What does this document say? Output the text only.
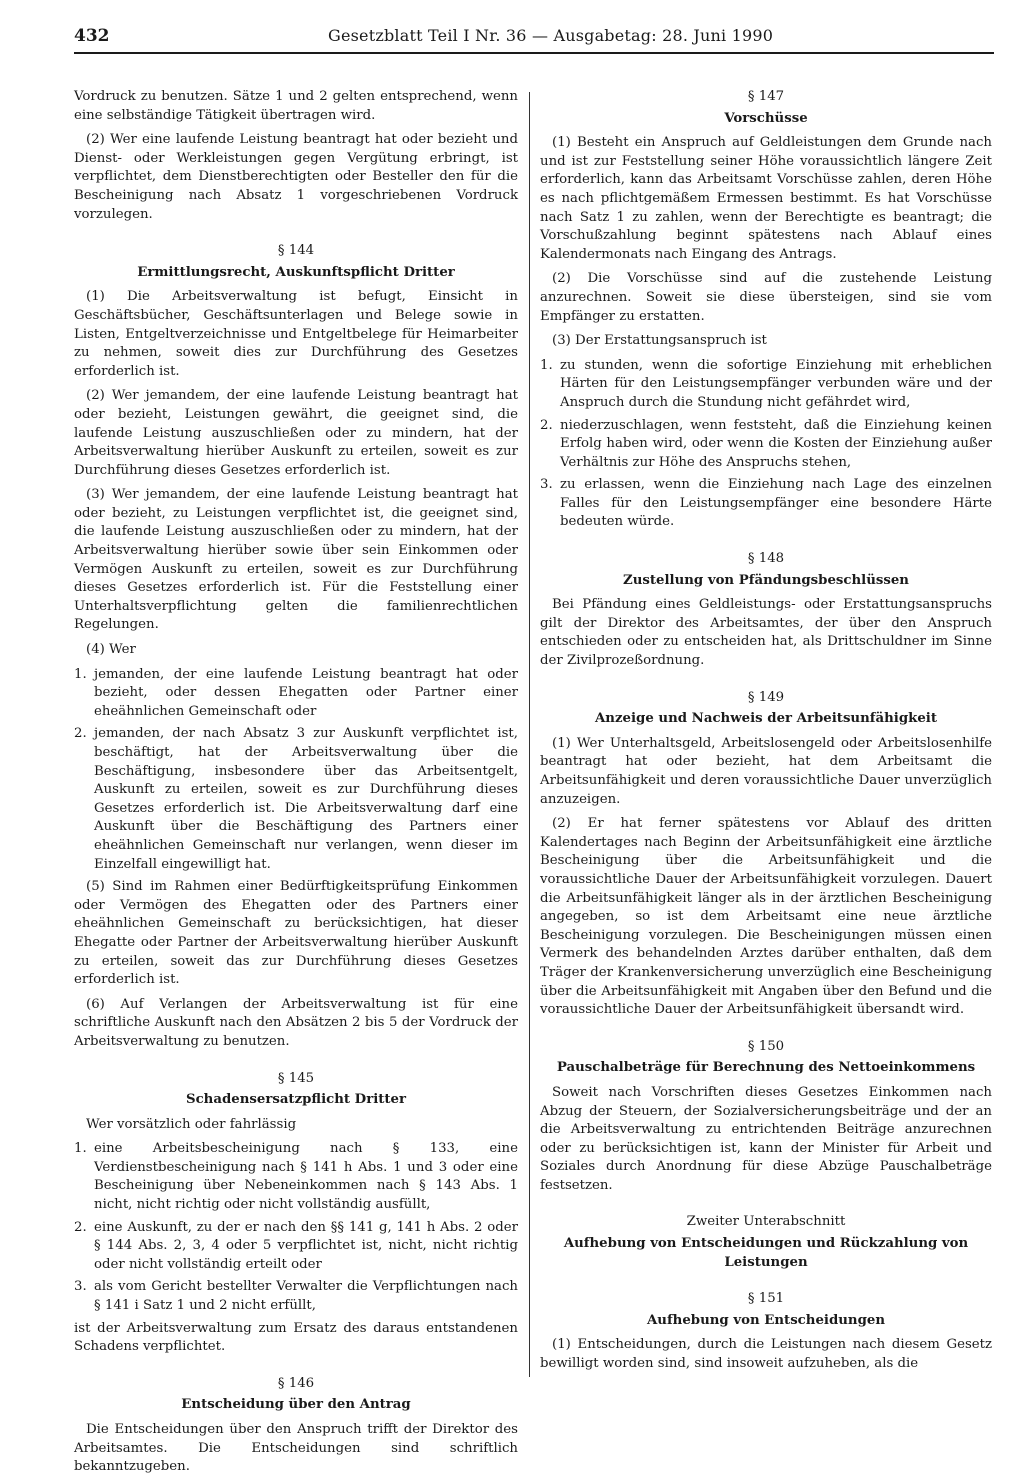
432	Gesetzblatt Teil I Nr. 36 — Ausgabetag: 28. Juni 1990

Vordruck zu benutzen. Sätze 1 und 2 gelten entsprechend, wenn eine selbständige Tätigkeit übertragen wird.

(2) Wer eine laufende Leistung beantragt hat oder bezieht und Dienst- oder Werkleistungen gegen Vergütung erbringt, ist verpflichtet, dem Dienstberechtigten oder Besteller den für die Bescheinigung nach Absatz 1 vorgeschriebenen Vordruck vorzulegen.

§ 144
Ermittlungsrecht, Auskunftspflicht Dritter

(1) Die Arbeitsverwaltung ist befugt, Einsicht in Geschäftsbücher, Geschäftsunterlagen und Belege sowie in Listen, Entgeltverzeichnisse und Entgeltbelege für Heimarbeiter zu nehmen, soweit dies zur Durchführung des Gesetzes erforderlich ist.

(2) Wer jemandem, der eine laufende Leistung beantragt hat oder bezieht, Leistungen gewährt, die geeignet sind, die laufende Leistung auszuschließen oder zu mindern, hat der Arbeitsverwaltung hierüber Auskunft zu erteilen, soweit es zur Durchführung dieses Gesetzes erforderlich ist.

(3) Wer jemandem, der eine laufende Leistung beantragt hat oder bezieht, zu Leistungen verpflichtet ist, die geeignet sind, die laufende Leistung auszuschließen oder zu mindern, hat der Arbeitsverwaltung hierüber sowie über sein Einkommen oder Vermögen Auskunft zu erteilen, soweit es zur Durchführung dieses Gesetzes erforderlich ist. Für die Feststellung einer Unterhaltsverpflichtung gelten die familienrechtlichen Regelungen.

(4) Wer

1. jemanden, der eine laufende Leistung beantragt hat oder bezieht, oder dessen Ehegatten oder Partner einer eheähnlichen Gemeinschaft oder
2. jemanden, der nach Absatz 3 zur Auskunft verpflichtet ist, beschäftigt, hat der Arbeitsverwaltung über die Beschäftigung, insbesondere über das Arbeitsentgelt, Auskunft zu erteilen, soweit es zur Durchführung dieses Gesetzes erforderlich ist. Die Arbeitsverwaltung darf eine Auskunft über die Beschäftigung des Partners einer eheähnlichen Gemeinschaft nur verlangen, wenn dieser im Einzelfall eingewilligt hat.

(5) Sind im Rahmen einer Bedürftigkeitsprüfung Einkommen oder Vermögen des Ehegatten oder des Partners einer eheähnlichen Gemeinschaft zu berücksichtigen, hat dieser Ehegatte oder Partner der Arbeitsverwaltung hierüber Auskunft zu erteilen, soweit das zur Durchführung dieses Gesetzes erforderlich ist.

(6) Auf Verlangen der Arbeitsverwaltung ist für eine schriftliche Auskunft nach den Absätzen 2 bis 5 der Vordruck der Arbeitsverwaltung zu benutzen.

§ 145
Schadensersatzpflicht Dritter

Wer vorsätzlich oder fahrlässig

1. eine Arbeitsbescheinigung nach § 133, eine Verdienstbescheinigung nach § 141 h Abs. 1 und 3 oder eine Bescheinigung über Nebeneinkommen nach § 143 Abs. 1 nicht, nicht richtig oder nicht vollständig ausfüllt,
2. eine Auskunft, zu der er nach den §§ 141 g, 141 h Abs. 2 oder § 144 Abs. 2, 3, 4 oder 5 verpflichtet ist, nicht, nicht richtig oder nicht vollständig erteilt oder
3. als vom Gericht bestellter Verwalter die Verpflichtungen nach § 141 i Satz 1 und 2 nicht erfüllt,

ist der Arbeitsverwaltung zum Ersatz des daraus entstandenen Schadens verpflichtet.

§ 146
Entscheidung über den Antrag

Die Entscheidungen über den Anspruch trifft der Direktor des Arbeitsamtes. Die Entscheidungen sind schriftlich bekanntzugeben.

§ 147
Vorschüsse

(1) Besteht ein Anspruch auf Geldleistungen dem Grunde nach und ist zur Feststellung seiner Höhe voraussichtlich längere Zeit erforderlich, kann das Arbeitsamt Vorschüsse zahlen, deren Höhe es nach pflichtgemäßem Ermessen bestimmt. Es hat Vorschüsse nach Satz 1 zu zahlen, wenn der Berechtigte es beantragt; die Vorschußzahlung beginnt spätestens nach Ablauf eines Kalendermonats nach Eingang des Antrags.

(2) Die Vorschüsse sind auf die zustehende Leistung anzurechnen. Soweit sie diese übersteigen, sind sie vom Empfänger zu erstatten.

(3) Der Erstattungsanspruch ist

1. zu stunden, wenn die sofortige Einziehung mit erheblichen Härten für den Leistungsempfänger verbunden wäre und der Anspruch durch die Stundung nicht gefährdet wird,
2. niederzuschlagen, wenn feststeht, daß die Einziehung keinen Erfolg haben wird, oder wenn die Kosten der Einziehung außer Verhältnis zur Höhe des Anspruchs stehen,
3. zu erlassen, wenn die Einziehung nach Lage des einzelnen Falles für den Leistungsempfänger eine besondere Härte bedeuten würde.
§ 148
Zustellung von Pfändungsbeschlüssen

Bei Pfändung eines Geldleistungs- oder Erstattungsanspruchs gilt der Direktor des Arbeitsamtes, der über den Anspruch entschieden oder zu entscheiden hat, als Drittschuldner im Sinne der Zivilprozeßordnung.

§ 149
Anzeige und Nachweis der Arbeitsunfähigkeit

(1) Wer Unterhaltsgeld, Arbeitslosengeld oder Arbeitslosenhilfe beantragt hat oder bezieht, hat dem Arbeitsamt die Arbeitsunfähigkeit und deren voraussichtliche Dauer unverzüglich anzuzeigen.

(2) Er hat ferner spätestens vor Ablauf des dritten Kalendertages nach Beginn der Arbeitsunfähigkeit eine ärztliche Bescheinigung über die Arbeitsunfähigkeit und die voraussichtliche Dauer der Arbeitsunfähigkeit vorzulegen. Dauert die Arbeitsunfähigkeit länger als in der ärztlichen Bescheinigung angegeben, so ist dem Arbeitsamt eine neue ärztliche Bescheinigung vorzulegen. Die Bescheinigungen müssen einen Vermerk des behandelnden Arztes darüber enthalten, daß dem Träger der Krankenversicherung unverzüglich eine Bescheinigung über die Arbeitsunfähigkeit mit Angaben über den Befund und die voraussichtliche Dauer der Arbeitsunfähigkeit übersandt wird.

§ 150
Pauschalbeträge für Berechnung des Nettoeinkommens

Soweit nach Vorschriften dieses Gesetzes Einkommen nach Abzug der Steuern, der Sozialversicherungsbeiträge und der an die Arbeitsverwaltung zu entrichtenden Beiträge anzurechnen oder zu berücksichtigen ist, kann der Minister für Arbeit und Soziales durch Anordnung für diese Abzüge Pauschalbeträge festsetzen.

Zweiter Unterabschnitt
Aufhebung von Entscheidungen und Rückzahlung von Leistungen
§ 151
Aufhebung von Entscheidungen

(1) Entscheidungen, durch die Leistungen nach diesem Gesetz bewilligt worden sind, sind insoweit aufzuheben, als die
